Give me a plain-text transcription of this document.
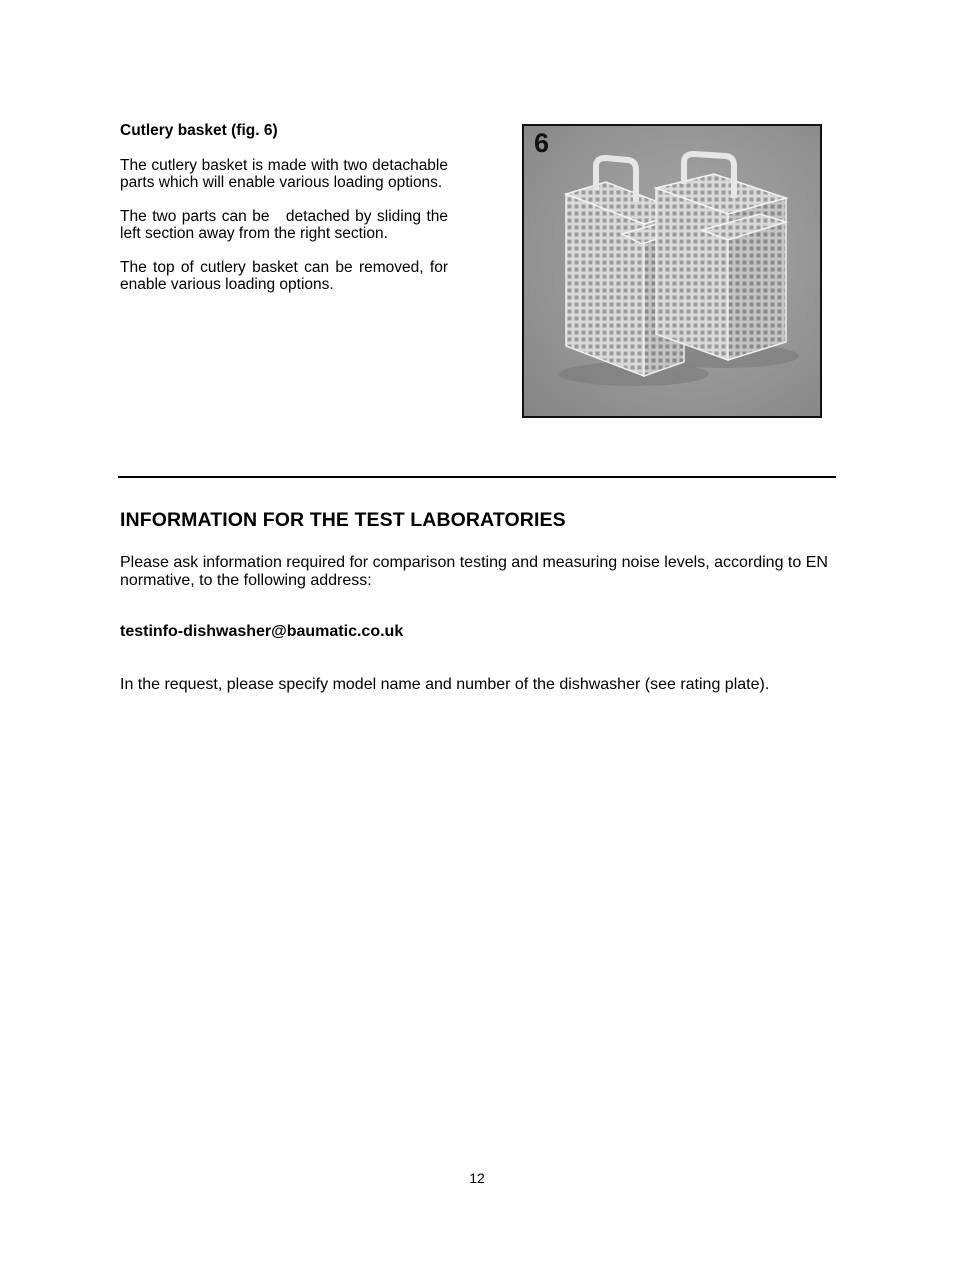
Cutlery basket (fig. 6)

The cutlery basket is made with two detachable parts which will enable various loading options.

The two parts can be   detached by sliding the left section away from the right section.

The top of cutlery basket can be removed, for enable various loading options.

6
INFORMATION FOR THE TEST LABORATORIES

Please ask information required for comparison testing and measuring noise levels, according to EN normative, to the following address:

testinfo-dishwasher@baumatic.co.uk

In the request, please specify model name and number of the dishwasher (see rating plate).

12
